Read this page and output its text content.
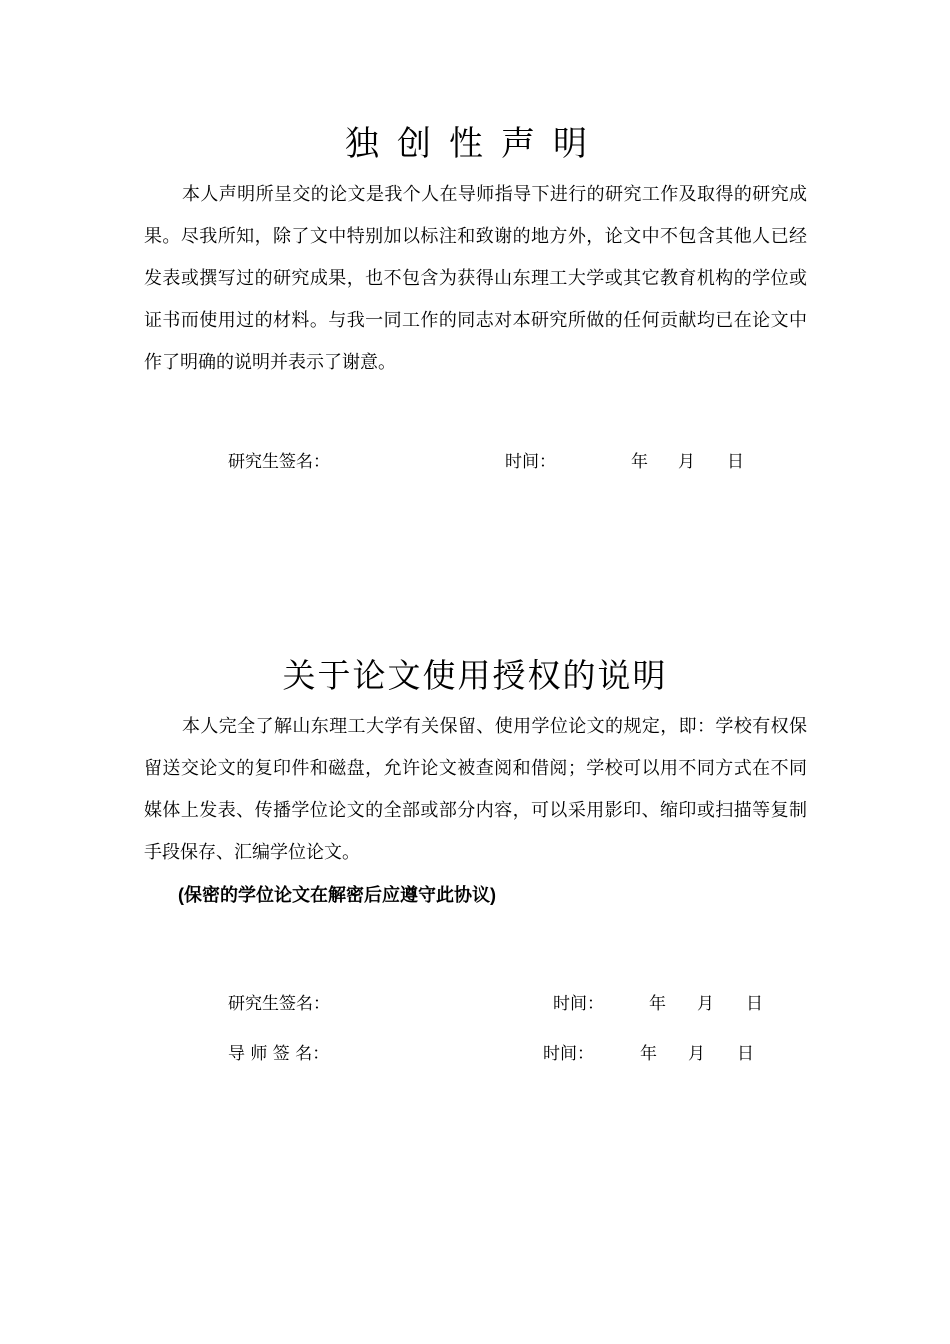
独创性声明

本人声明所呈交的论文是我个人在导师指导下进行的研究工作及取得的研究成果。尽我所知，除了文中特别加以标注和致谢的地方外，论文中不包含其他人已经发表或撰写过的研究成果，也不包含为获得山东理工大学或其它教育机构的学位或证书而使用过的材料。与我一同工作的同志对本研究所做的任何贡献均已在论文中作了明确的说明并表示了谢意。

研究生签名：	时间：	年 月 日
关于论文使用授权的说明

本人完全了解山东理工大学有关保留、使用学位论文的规定，即：学校有权保留送交论文的复印件和磁盘，允许论文被查阅和借阅；学校可以用不同方式在不同媒体上发表、传播学位论文的全部或部分内容，可以采用影印、缩印或扫描等复制手段保存、汇编学位论文。

(保密的学位论文在解密后应遵守此协议)

研究生签名：	时间：	年 月 日
导 师 签 名：	时间：	年 月 日
